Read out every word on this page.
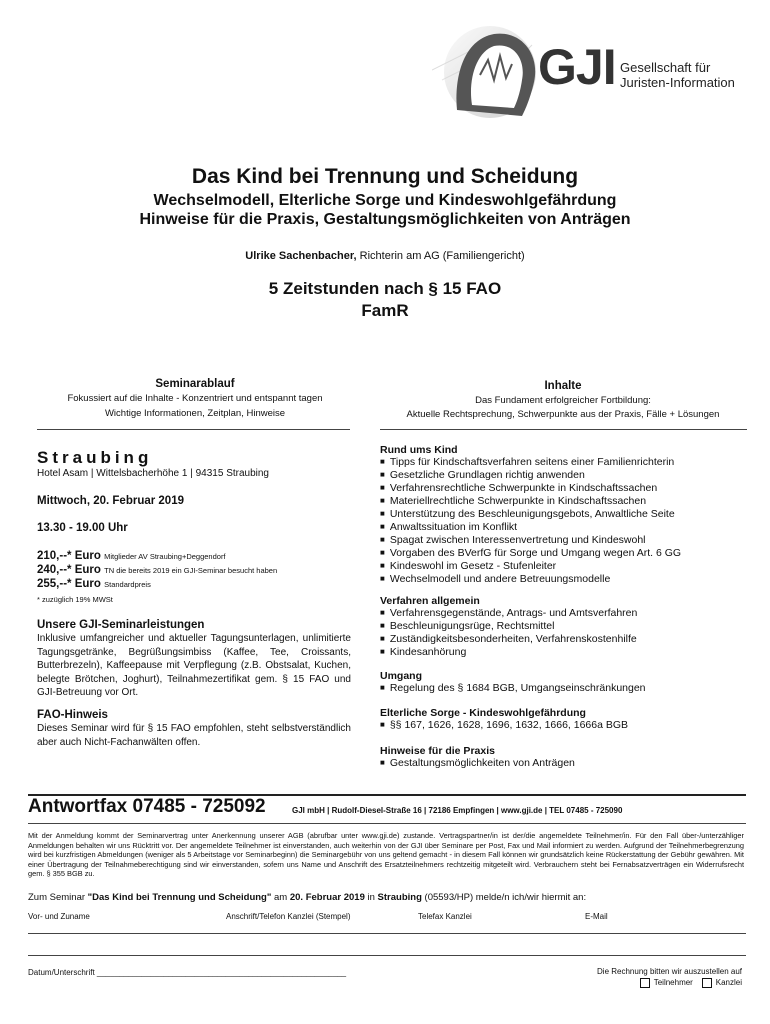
GJI Gesellschaft für
Juristen-Information
Das Kind bei Trennung und Scheidung
Wechselmodell, Elterliche Sorge und Kindeswohlgefährdung
Hinweise für die Praxis, Gestaltungsmöglichkeiten von Anträgen
Ulrike Sachenbacher, Richterin am AG (Familiengericht)
5 Zeitstunden nach § 15 FAO
FamR
Seminarablauf
Fokussiert auf die Inhalte - Konzentriert und entspannt tagen
Wichtige Informationen, Zeitplan, Hinweise
Inhalte
Das Fundament erfolgreicher Fortbildung:
Aktuelle Rechtsprechung, Schwerpunkte aus der Praxis, Fälle + Lösungen
Straubing
Hotel Asam | Wittelsbacherhöhe 1 | 94315 Straubing
Mittwoch, 20. Februar 2019
13.30 - 19.00 Uhr
210,--* Euro Mitglieder AV Straubing+Deggendorf
240,--* Euro TN die bereits 2019 ein GJI-Seminar besucht haben
255,--* Euro Standardpreis
* zuzüglich 19% MWSt
Unsere GJI-Seminarleistungen
Inklusive umfangreicher und aktueller Tagungsunterlagen, unlimitierte Tagungsgetränke, Begrüßungsimbiss (Kaffee, Tee, Croissants, Butterbrezeln), Kaffeepause mit Verpflegung (z.B. Obstsalat, Kuchen, belegte Brötchen, Joghurt), Teilnahmezertifikat gem. § 15 FAO und GJI-Betreuung vor Ort.
FAO-Hinweis
Dieses Seminar wird für § 15 FAO empfohlen, steht selbstverständlich aber auch Nicht-Fachanwälten offen.
Rund ums Kind
■ Tipps für Kindschaftsverfahren seitens einer Familienrichterin
■ Gesetzliche Grundlagen richtig anwenden
■ Verfahrensrechtliche Schwerpunkte in Kindschaftssachen
■ Materiellrechtliche Schwerpunkte in Kindschaftssachen
■ Unterstützung des Beschleunigungsgebots, Anwaltliche Seite
■ Anwaltssituation im Konflikt
■ Spagat zwischen Interessenvertretung und Kindeswohl
■ Vorgaben des BVerfG für Sorge und Umgang wegen Art. 6 GG
■ Kindeswohl im Gesetz - Stufenleiter
■ Wechselmodell und andere Betreuungsmodelle
Verfahren allgemein
■ Verfahrensgegenstände, Antrags- und Amtsverfahren
■ Beschleunigungsrüge, Rechtsmittel
■ Zuständigkeitsbesonderheiten, Verfahrenskostenhilfe
■ Kindesanhörung
Umgang
■ Regelung des § 1684 BGB, Umgangseinschränkungen
Elterliche Sorge - Kindeswohlgefährdung
■ §§ 167, 1626, 1628, 1696, 1632, 1666, 1666a BGB
Hinweise für die Praxis
■ Gestaltungsmöglichkeiten von Anträgen
Antwortfax 07485 - 725092	GJI mbH | Rudolf-Diesel-Straße 16 | 72186 Empfingen | www.gji.de | TEL 07485 - 725090
Mit der Anmeldung kommt der Seminarvertrag unter Anerkennung unserer AGB (abrufbar unter www.gji.de) zustande. Vertragspartner/in ist der/die angemeldete Teilnehmer/in. Für den Fall über-/unterzähliger Anmeldungen behalten wir uns Rücktritt vor. Der angemeldete Teilnehmer ist einverstanden, auch weiterhin von der GJI über Seminare per Post, Fax und Mail informiert zu werden. Aufgrund der Teilnehmerbegrenzung wird bei kurzfristigen Abmeldungen (weniger als 5 Arbeitstage vor Seminarbeginn) die Seminargebühr von uns geltend gemacht - in diesem Fall können wir grundsätzlich keine Rückerstattung der Gebühr gewähren. Mit einer Übertragung der Teilnahmeberechtigung sind wir einverstanden, sofern uns Name und Anschrift des Ersatzteilnehmers rechtzeitig mitgeteilt wird. Verbrauchern steht bei Fernabsatzverträgen ein Widerrufsrecht gem. § 355 BGB zu.
Zum Seminar "Das Kind bei Trennung und Scheidung" am 20. Februar 2019 in Straubing (05593/HP) melde/n ich/wir hiermit an:
Vor- und Zuname	Anschrift/Telefon Kanzlei (Stempel)	Telefax Kanzlei	E-Mail
Datum/Unterschrift ________________________________________________________	Die Rechnung bitten wir auszustellen auf
Teilnehmer	Kanzlei
